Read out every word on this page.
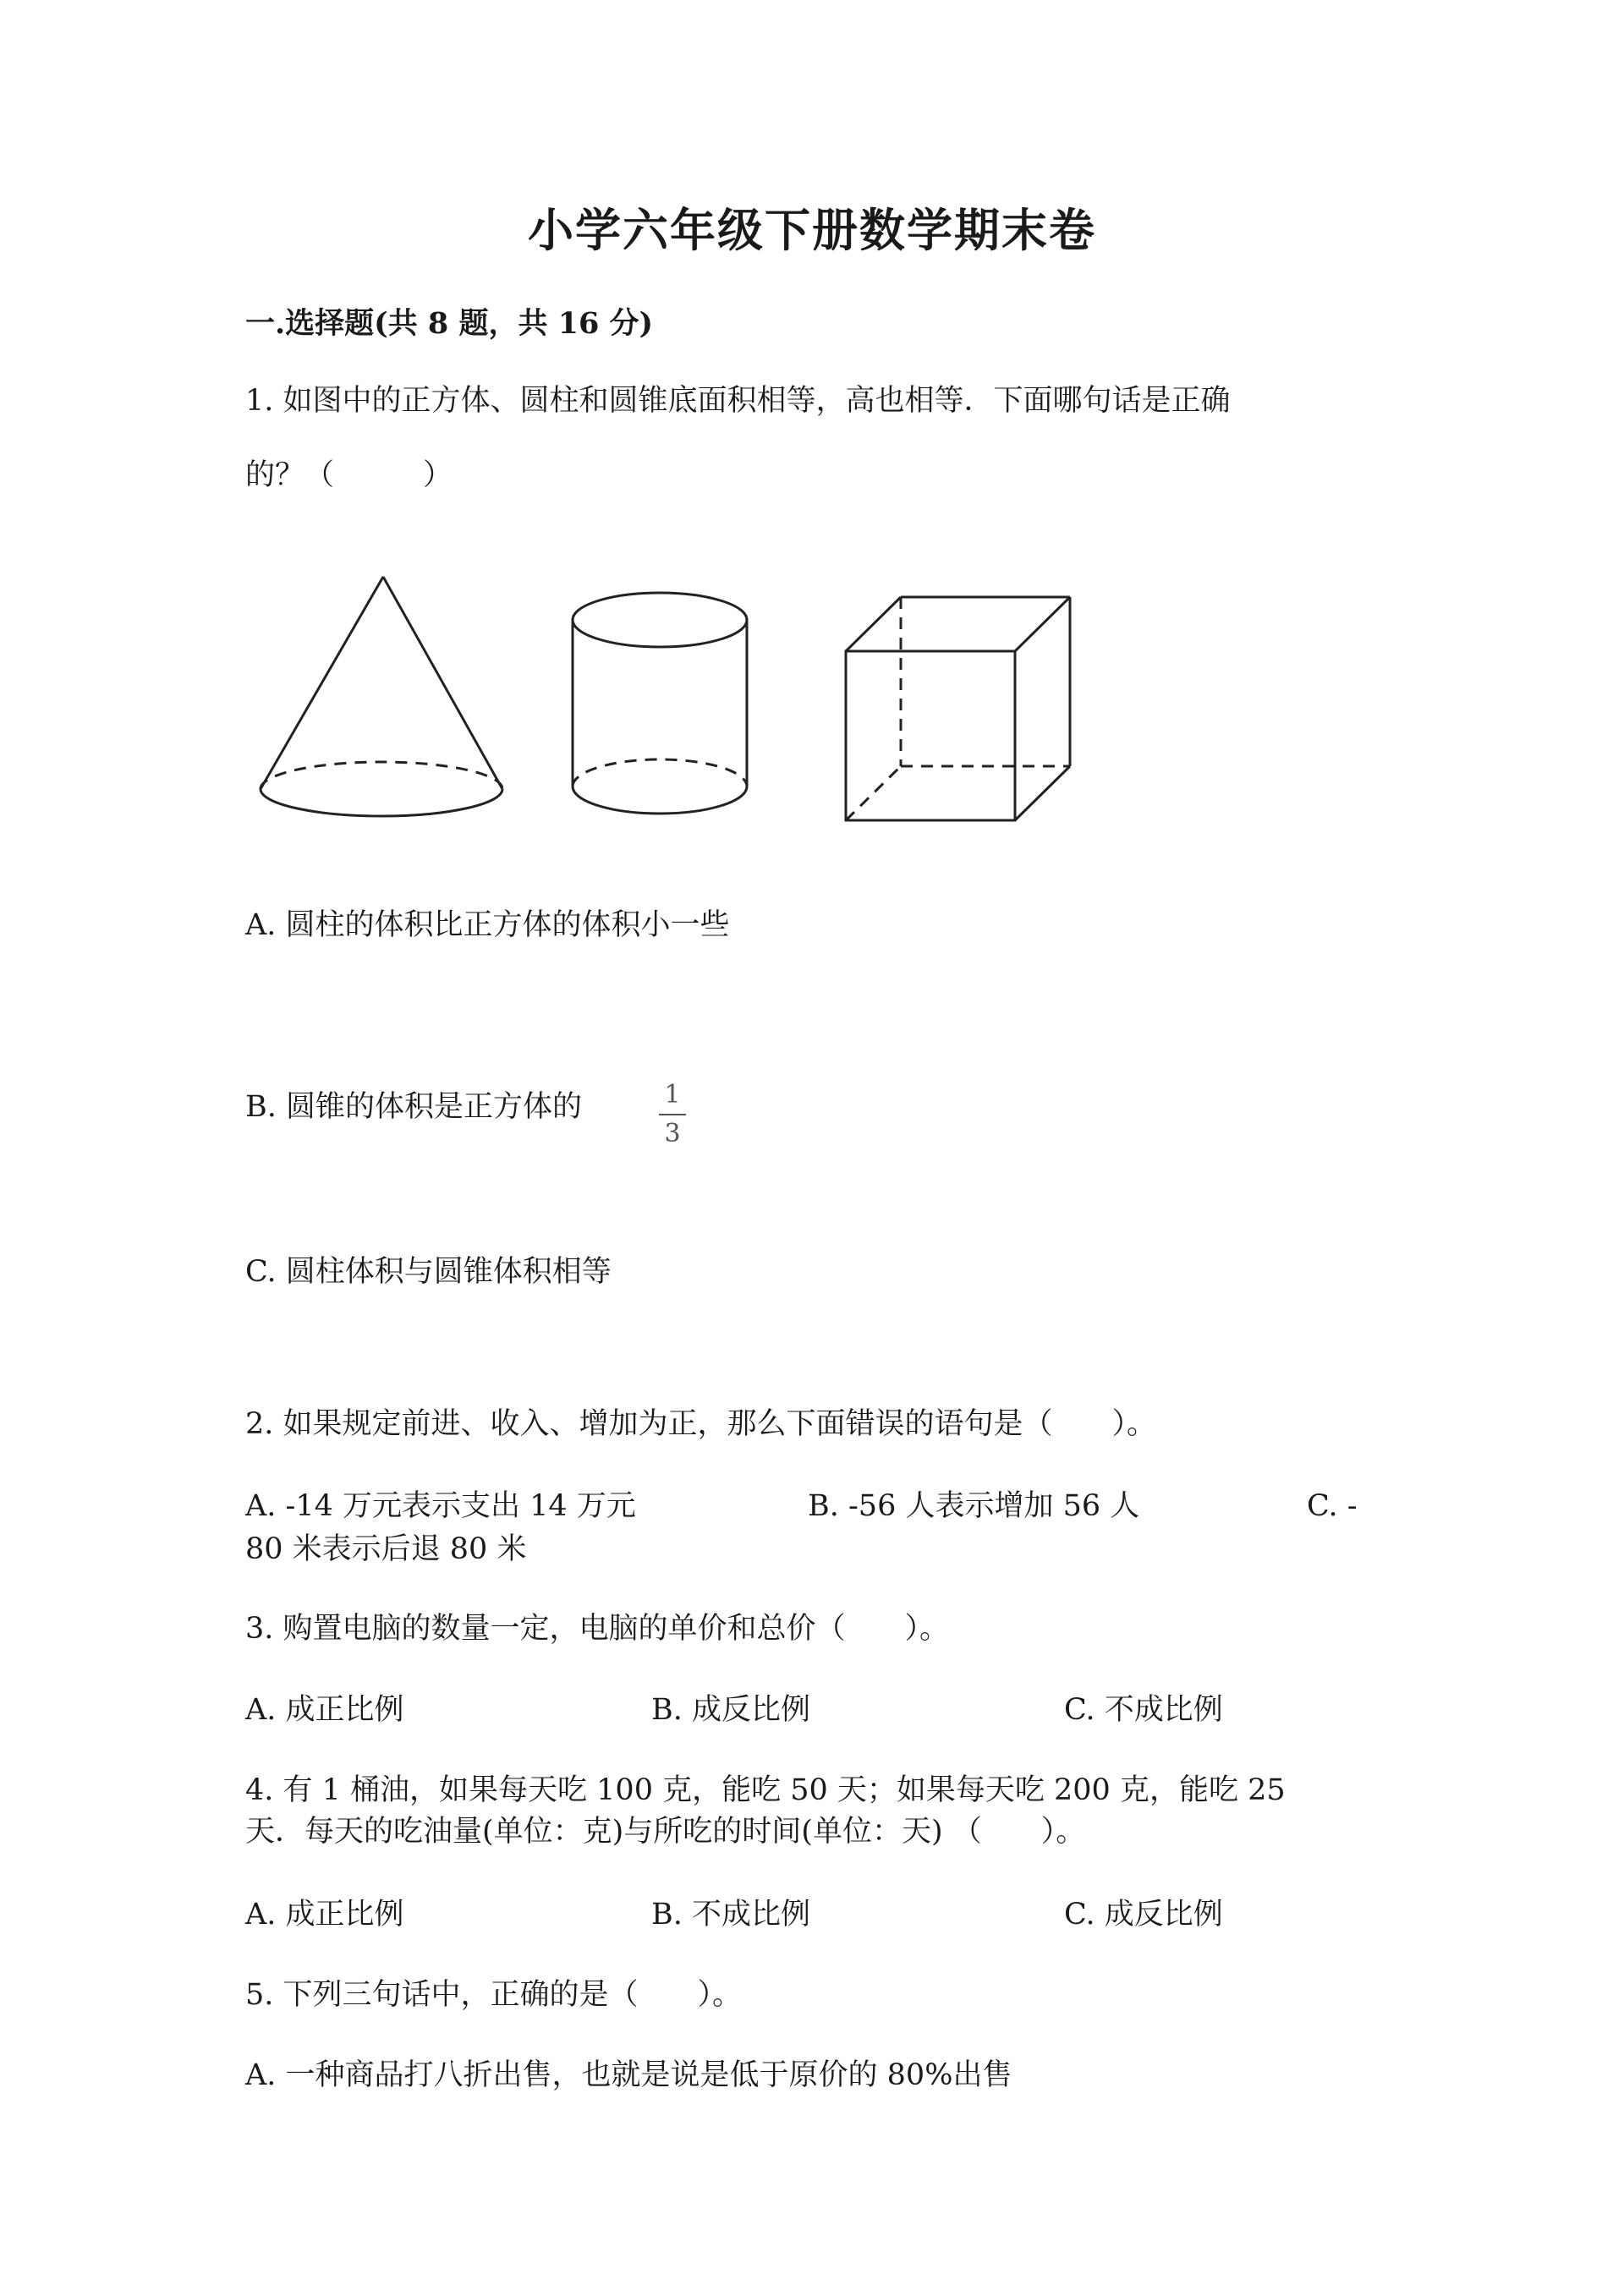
小学六年级下册数学期末卷
一.选择题(共 8 题，共 16 分)
1. 如图中的正方体、圆柱和圆锥底面积相等，高也相等．下面哪句话是正确
的？（　　　）
A. 圆柱的体积比正方体的体积小一些
B. 圆锥的体积是正方体的	1
3
C. 圆柱体积与圆锥体积相等
2. 如果规定前进、收入、增加为正，那么下面错误的语句是（　　）。
A. -14 万元表示支出 14 万元	B. -56 人表示增加 56 人	C. -
80 米表示后退 80 米
3. 购置电脑的数量一定，电脑的单价和总价（　　）。
A. 成正比例	B. 成反比例	C. 不成比例
4. 有 1 桶油，如果每天吃 100 克，能吃 50 天；如果每天吃 200 克，能吃 25
天．每天的吃油量(单位：克)与所吃的时间(单位：天) （　　）。
A. 成正比例	B. 不成比例	C. 成反比例
5. 下列三句话中，正确的是（　　）。
A. 一种商品打八折出售，也就是说是低于原价的 80%出售
